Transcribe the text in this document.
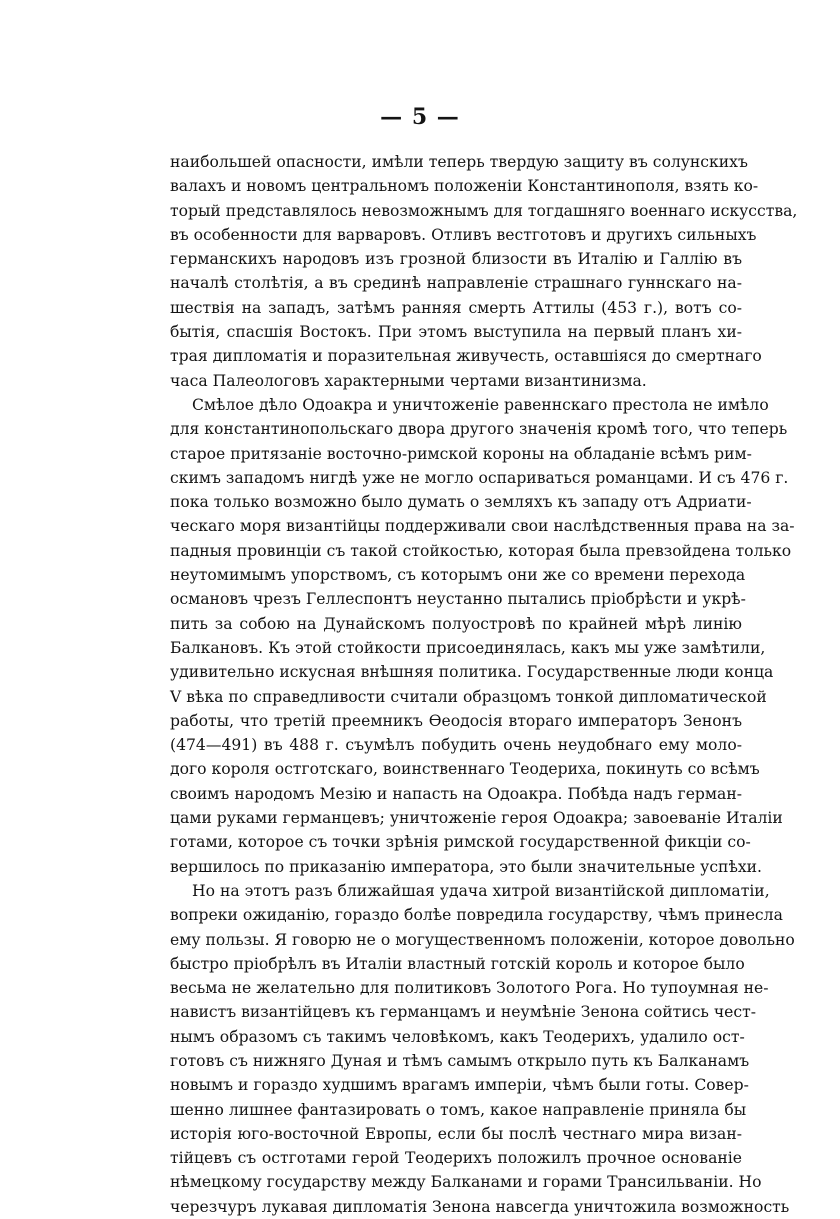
— 5 —
наибольшей опасности, имѣли теперь твердую защиту въ солунскихъ
валахъ и новомъ центральномъ положенiи Константинополя, взять ко-
торый представлялось невозможнымъ для тогдашняго военнаго искусства,
въ особенности для варваровъ. Отливъ вестготовъ и другихъ сильныхъ
германскихъ народовъ изъ грозной близости въ Италiю и Галлiю въ
началѣ столѣтiя, а въ срединѣ направленiе страшнаго гуннскаго на-
шествiя на западъ, затѣмъ ранняя смерть Аттилы (453 г.), вотъ со-
бытiя, спасшiя Востокъ. При этомъ выступила на первый планъ хи-
трая дипломатiя и поразительная живучесть, оставшiяся до смертнаго
часа Палеологовъ характерными чертами византинизма.
Смѣлое дѣло Одоакра и уничтоженiе равеннскаго престола не имѣло
для константинопольскаго двора другого значенiя кромѣ того, что теперь
старое притязанiе восточно-римской короны на обладанiе всѣмъ рим-
скимъ западомъ нигдѣ уже не могло оспариваться романцами. И съ 476 г.
пока только возможно было думать о земляхъ къ западу отъ Адриати-
ческаго моря византiйцы поддерживали свои наслѣдственныя права на за-
падныя провинцiи съ такой стойкостью, которая была превзойдена только
неутомимымъ упорствомъ, съ которымъ они же со времени перехода
османовъ чрезъ Геллеспонтъ неустанно пытались прiобрѣсти и укрѣ-
пить за собою на Дунайскомъ полуостровѣ по крайней мѣрѣ линiю
Балкановъ. Къ этой стойкости присоединялась, какъ мы уже замѣтили,
удивительно искусная внѣшняя политика. Государственные люди конца
V вѣка по справедливости считали образцомъ тонкой дипломатической
работы, что третiй преемникъ Өеодосiя втораго императоръ Зенонъ
(474—491) въ 488 г. съумѣлъ побудить очень неудобнаго ему моло-
дого короля остготскаго, воинственнаго Теодериха, покинуть со всѣмъ
своимъ народомъ Мезiю и напасть на Одоакра. Побѣда надъ герман-
цами руками германцевъ; уничтоженiе героя Одоакра; завоеванiе Италiи
готами, которое съ точки зрѣнiя римской государственной фикцiи со-
вершилось по приказанiю императора, это были значительные успѣхи.
Но на этотъ разъ ближайшая удача хитрой византiйской дипломатiи,
вопреки ожиданiю, гораздо болѣе повредила государству, чѣмъ принесла
ему пользы. Я говорю не о могущественномъ положенiи, которое довольно
быстро прiобрѣлъ въ Италiи властный готскiй король и которое было
весьма не желательно для политиковъ Золотого Рога. Но тупоумная не-
навистъ византiйцевъ къ германцамъ и неумѣнiе Зенона сойтись чест-
нымъ образомъ съ такимъ человѣкомъ, какъ Теодерихъ, удалило ост-
готовъ съ нижняго Дуная и тѣмъ самымъ открыло путь къ Балканамъ
новымъ и гораздо худшимъ врагамъ имперiи, чѣмъ были готы. Совер-
шенно лишнее фантазировать о томъ, какое направленiе приняла бы
исторiя юго-восточной Европы, если бы послѣ честнаго мира визан-
тiйцевъ съ остготами герой Теодерихъ положилъ прочное основанiе
нѣмецкому государству между Балканами и горами Трансильванiи. Но
черезчуръ лукавая дипломатiя Зенона навсегда уничтожила возможность
